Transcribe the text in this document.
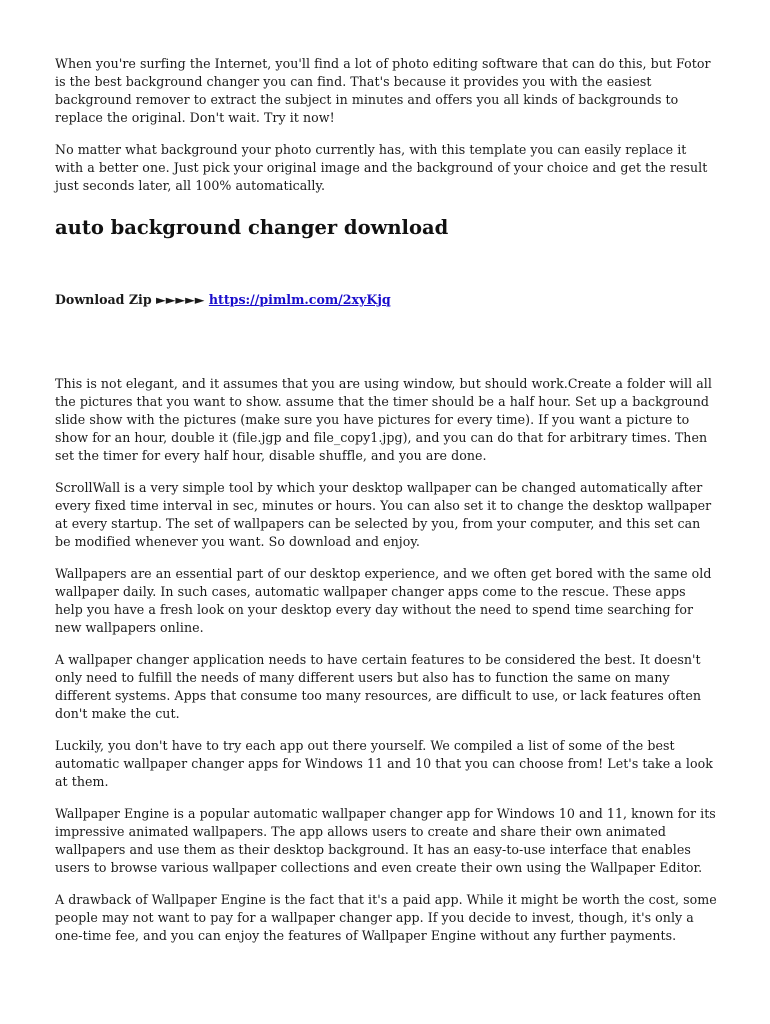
When you're surfing the Internet, you'll find a lot of photo editing software that can do this, but Fotor is the best background changer you can find. That's because it provides you with the easiest background remover to extract the subject in minutes and offers you all kinds of backgrounds to replace the original. Don't wait. Try it now!

No matter what background your photo currently has, with this template you can easily replace it with a better one. Just pick your original image and the background of your choice and get the result just seconds later, all 100% automatically.

auto background changer download
Download Zip ►►►►► https://pimlm.com/2xyKjq

This is not elegant, and it assumes that you are using window, but should work.Create a folder will all the pictures that you want to show. assume that the timer should be a half hour. Set up a background slide show with the pictures (make sure you have pictures for every time). If you want a picture to show for an hour, double it (file.jgp and file_copy1.jpg), and you can do that for arbitrary times. Then set the timer for every half hour, disable shuffle, and you are done.

ScrollWall is a very simple tool by which your desktop wallpaper can be changed automatically after every fixed time interval in sec, minutes or hours. You can also set it to change the desktop wallpaper at every startup. The set of wallpapers can be selected by you, from your computer, and this set can be modified whenever you want. So download and enjoy.

Wallpapers are an essential part of our desktop experience, and we often get bored with the same old wallpaper daily. In such cases, automatic wallpaper changer apps come to the rescue. These apps help you have a fresh look on your desktop every day without the need to spend time searching for new wallpapers online.

A wallpaper changer application needs to have certain features to be considered the best. It doesn't only need to fulfill the needs of many different users but also has to function the same on many different systems. Apps that consume too many resources, are difficult to use, or lack features often don't make the cut.

Luckily, you don't have to try each app out there yourself. We compiled a list of some of the best automatic wallpaper changer apps for Windows 11 and 10 that you can choose from! Let's take a look at them.

Wallpaper Engine is a popular automatic wallpaper changer app for Windows 10 and 11, known for its impressive animated wallpapers. The app allows users to create and share their own animated wallpapers and use them as their desktop background. It has an easy-to-use interface that enables users to browse various wallpaper collections and even create their own using the Wallpaper Editor.

A drawback of Wallpaper Engine is the fact that it's a paid app. While it might be worth the cost, some people may not want to pay for a wallpaper changer app. If you decide to invest, though, it's only a one-time fee, and you can enjoy the features of Wallpaper Engine without any further payments.
